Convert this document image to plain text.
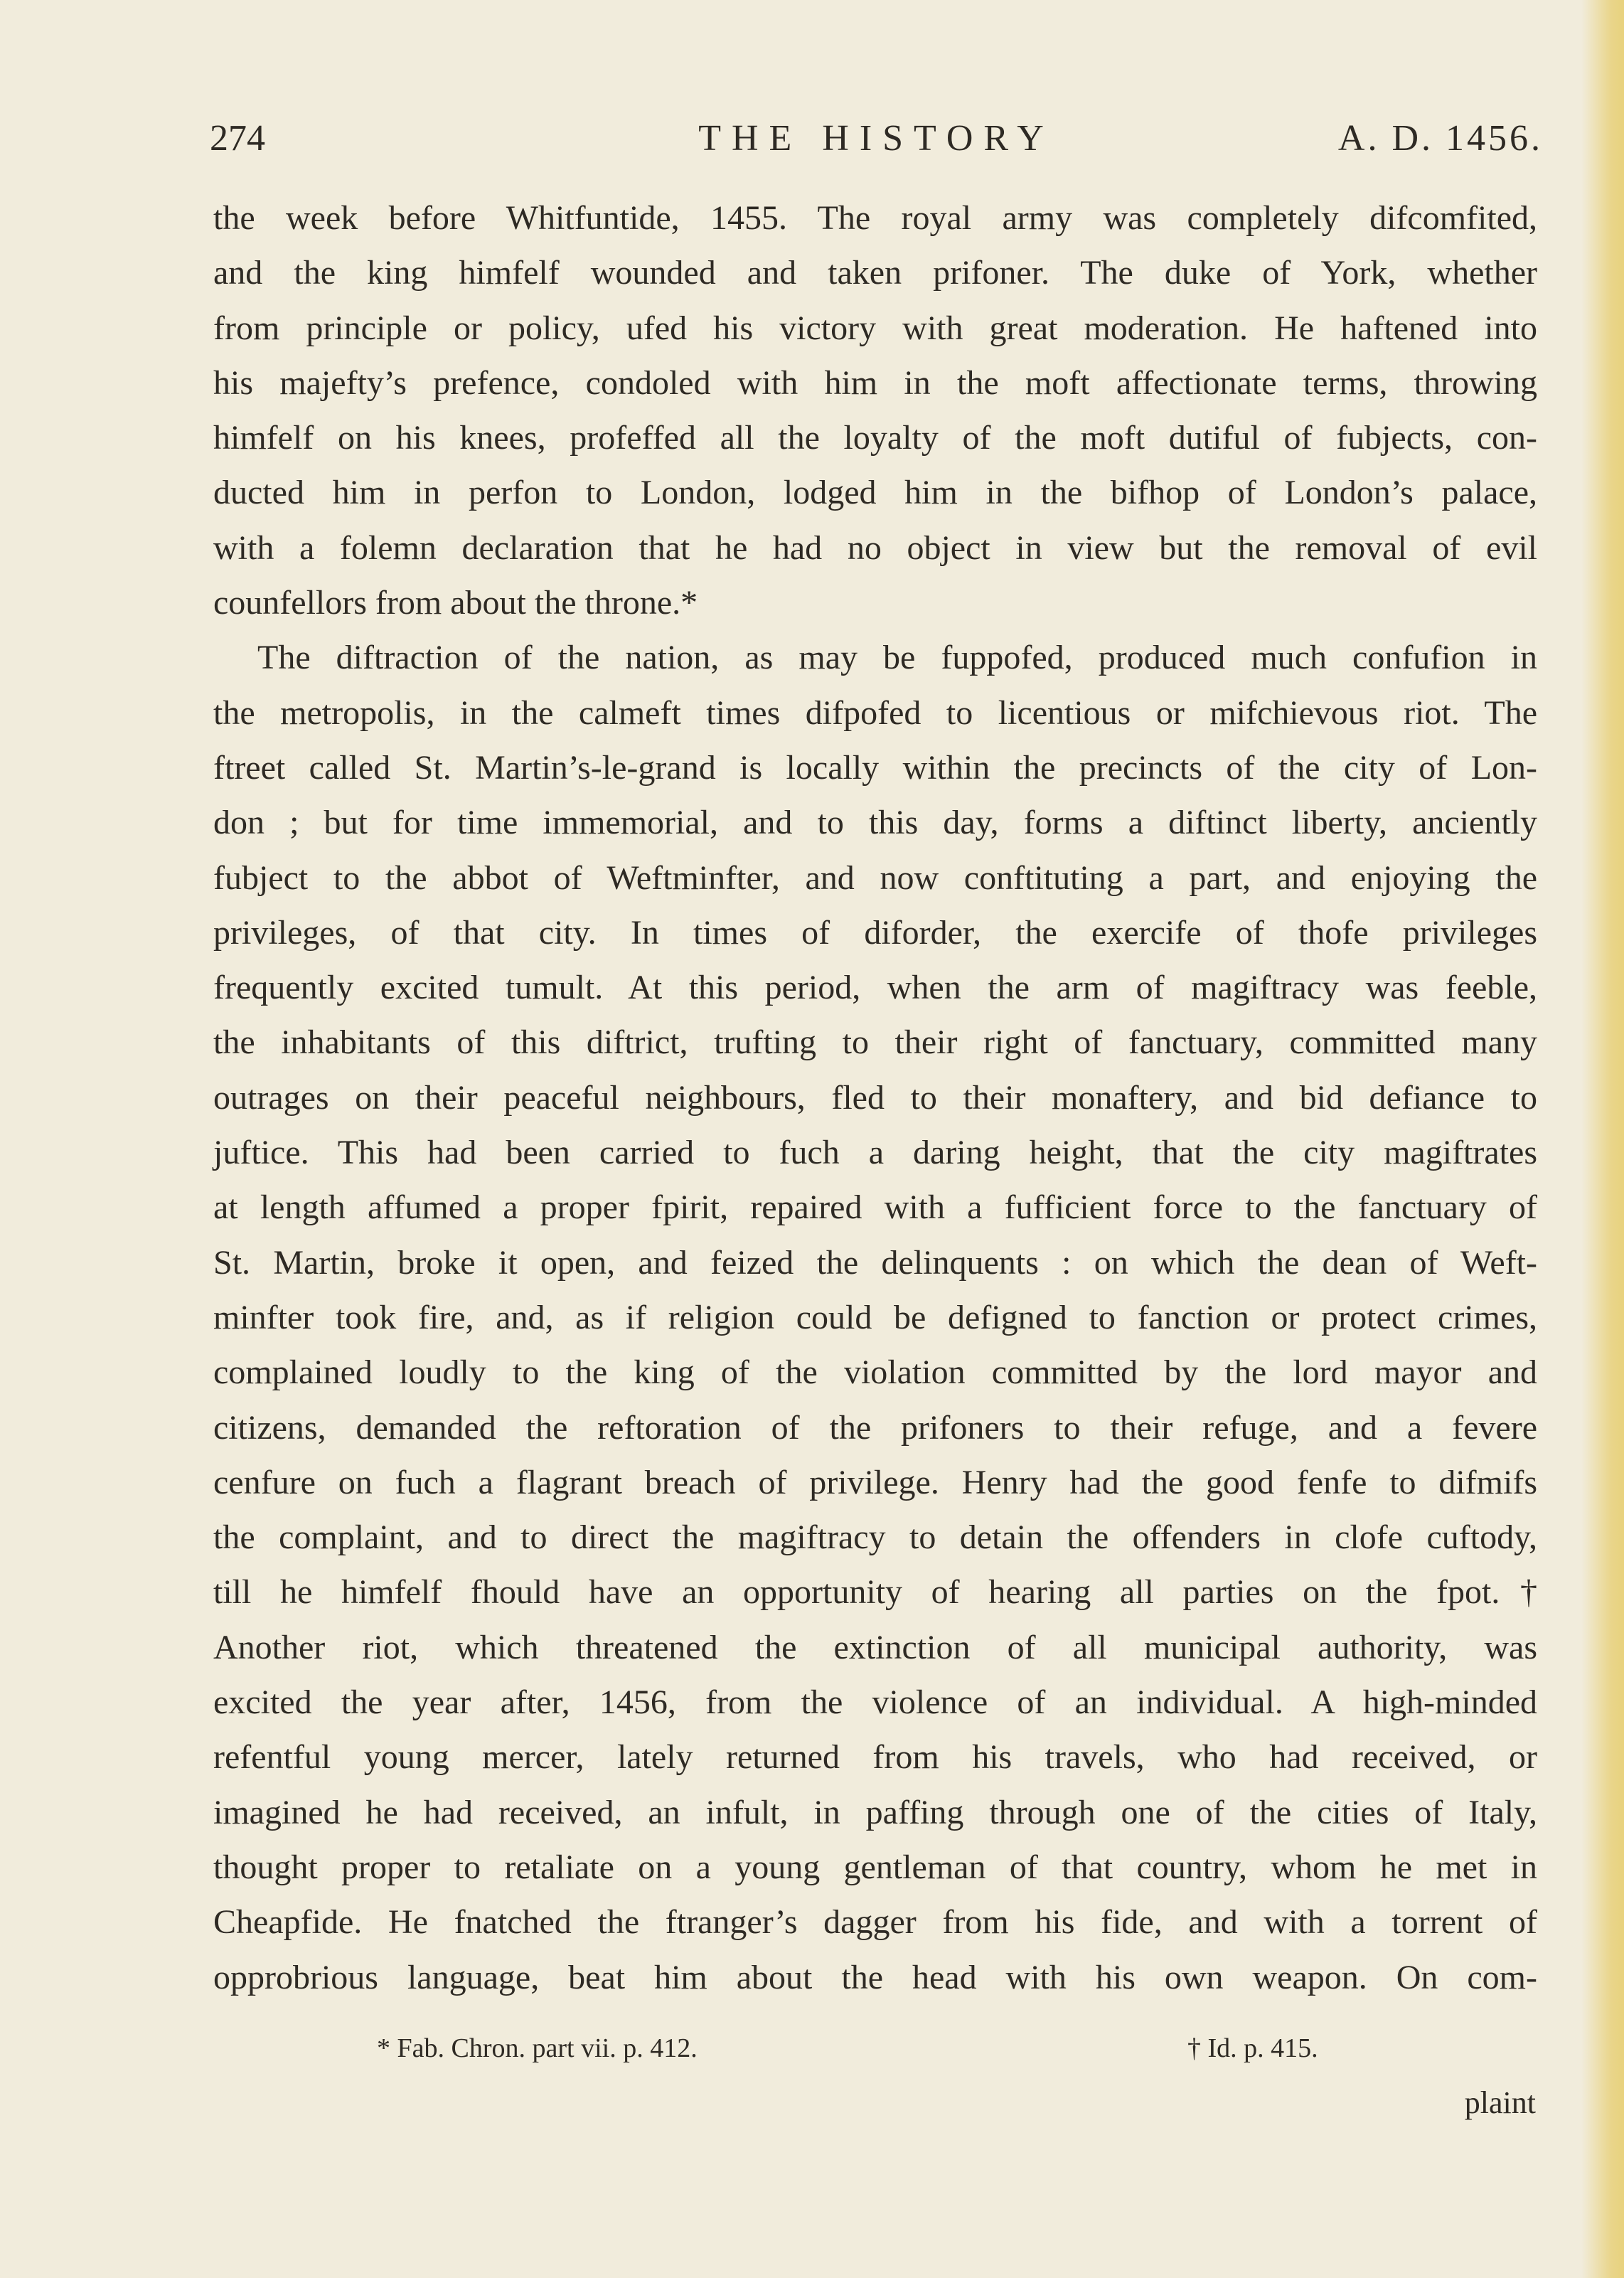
274	THE HISTORY	A. D. 1456.
the week before Whitfuntide, 1455. The royal army was completely difcomfited,
and the king himfelf wounded and taken prifoner. The duke of York, whether
from principle or policy, ufed his victory with great moderation. He haftened into
his majefty’s prefence, condoled with him in the moft affectionate terms, throwing
himfelf on his knees, profeffed all the loyalty of the moft dutiful of fubjects, con-
ducted him in perfon to London, lodged him in the bifhop of London’s palace,
with a folemn declaration that he had no object in view but the removal of evil
counfellors from about the throne.*
The diftraction of the nation, as may be fuppofed, produced much confufion in
the metropolis, in the calmeft times difpofed to licentious or mifchievous riot. The
ftreet called St. Martin’s-le-grand is locally within the precincts of the city of Lon-
don ; but for time immemorial, and to this day, forms a diftinct liberty, anciently
fubject to the abbot of Weftminfter, and now conftituting a part, and enjoying the
privileges, of that city. In times of diforder, the exercife of thofe privileges
frequently excited tumult. At this period, when the arm of magiftracy was feeble,
the inhabitants of this diftrict, trufting to their right of fanctuary, committed many
outrages on their peaceful neighbours, fled to their monaftery, and bid defiance to
juftice. This had been carried to fuch a daring height, that the city magiftrates
at length affumed a proper fpirit, repaired with a fufficient force to the fanctuary of
St. Martin, broke it open, and feized the delinquents : on which the dean of Weft-
minfter took fire, and, as if religion could be defigned to fanction or protect crimes,
complained loudly to the king of the violation committed by the lord mayor and
citizens, demanded the reftoration of the prifoners to their refuge, and a fevere
cenfure on fuch a flagrant breach of privilege. Henry had the good fenfe to difmifs
the complaint, and to direct the magiftracy to detain the offenders in clofe cuftody,
till he himfelf fhould have an opportunity of hearing all parties on the fpot.†
Another riot, which threatened the extinction of all municipal authority, was
excited the year after, 1456, from the violence of an individual. A high-minded
refentful young mercer, lately returned from his travels, who had received, or
imagined he had received, an infult, in paffing through one of the cities of Italy,
thought proper to retaliate on a young gentleman of that country, whom he met in
Cheapfide. He fnatched the ftranger’s dagger from his fide, and with a torrent of
opprobrious language, beat him about the head with his own weapon. On com-
* Fab. Chron. part vii. p. 412.	† Id. p. 415.
plaint
